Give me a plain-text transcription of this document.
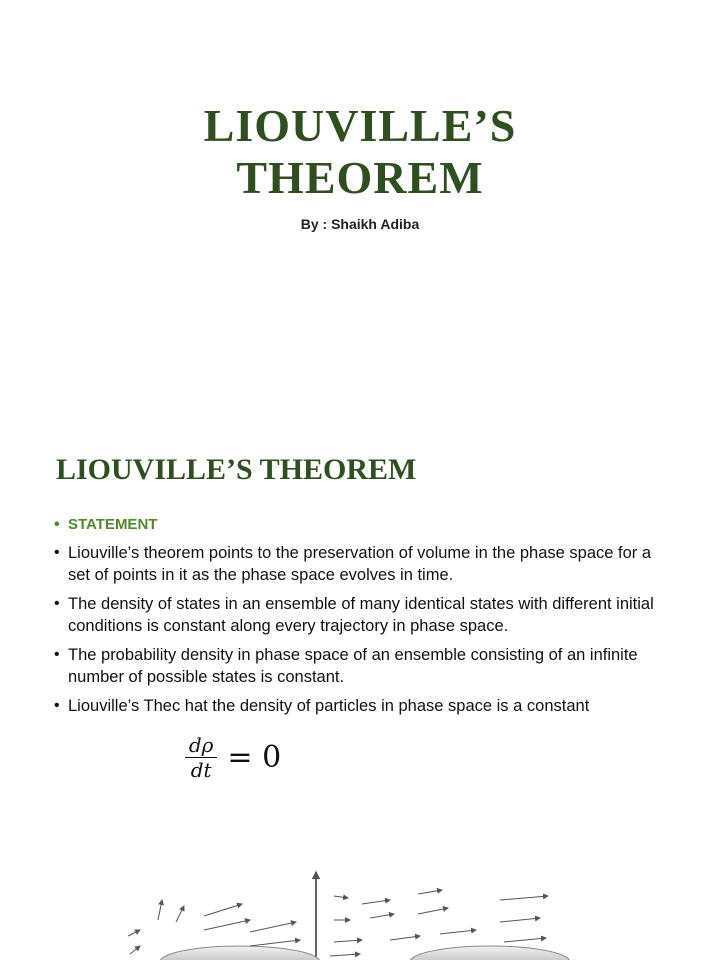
LIOUVILLE’S
THEOREM
By : Shaikh Adiba
LIOUVILLE’S THEOREM
• STATEMENT
• Liouville’s theorem points to the preservation of volume in the phase space for a set of points in it as the phase space evolves in time.
• The density of states in an ensemble of many identical states with different initial conditions is constant along every trajectory in phase space.
• The probability density in phase space of an ensemble consisting of an infinite number of possible states is constant.
• Liouville’s Thec hat the density of particles in phase space is a constant
$\frac{d\rho}{dt} = 0$
